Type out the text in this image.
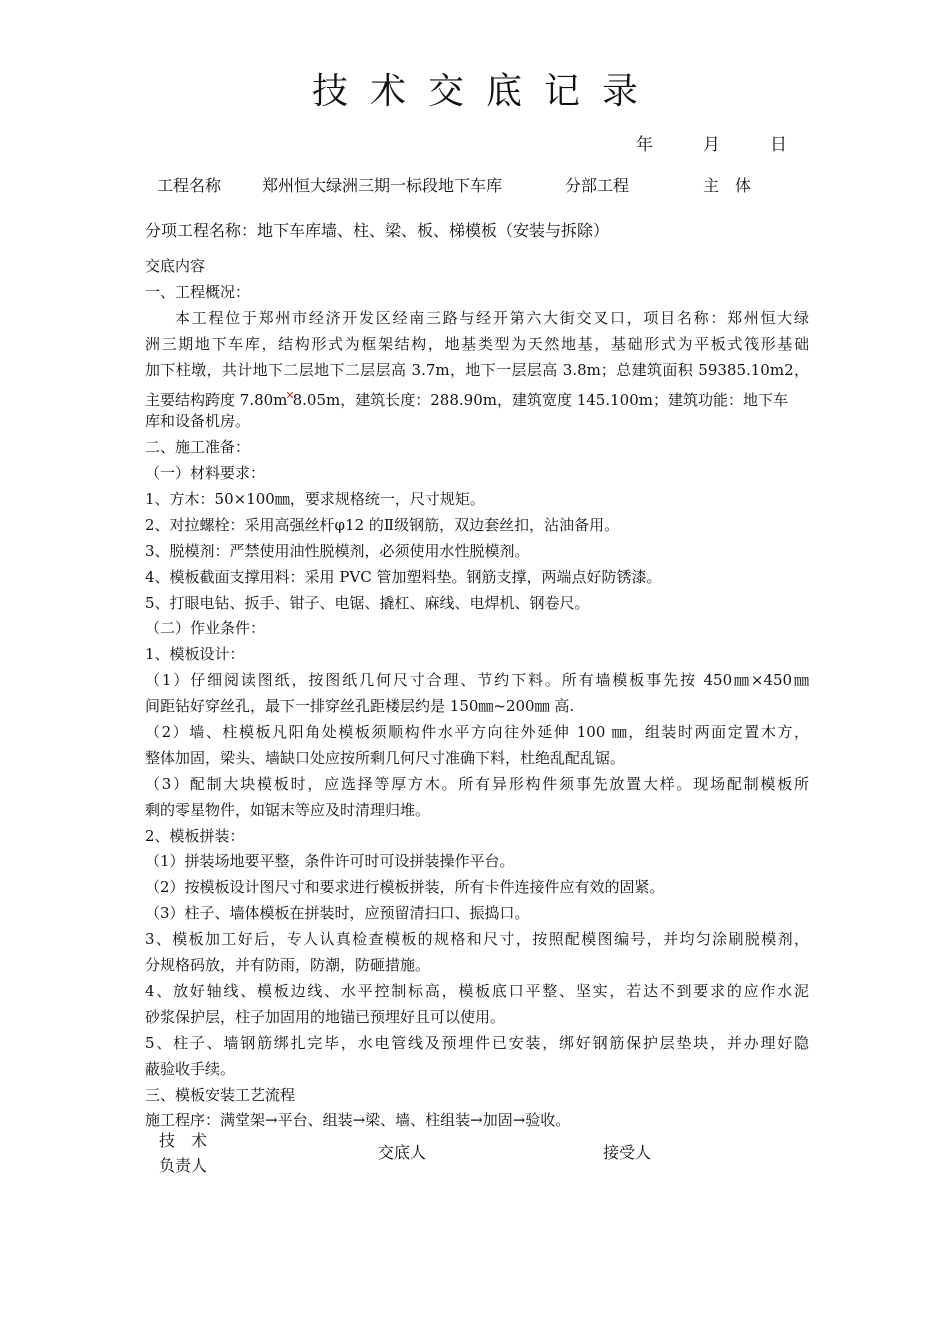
技术交底记录
年	月	日
工程名称	郑州恒大绿洲三期一标段地下车库	分部工程	主　体
分项工程名称：地下车库墙、柱、梁、板、梯模板（安装与拆除）
交底内容
一、工程概况：
本工程位于郑州市经济开发区经南三路与经开第六大街交叉口，项目名称：郑州恒大绿
洲三期地下车库，结构形式为框架结构，地基类型为天然地基，基础形式为平板式筏形基础
加下柱墩，共计地下二层地下二层层高 3.7m，地下一层层高 3.8m；总建筑面积 59385.10m2，
主要结构跨度 7.80m✕8.05m，建筑长度：288.90m，建筑宽度 145.100m；建筑功能：地下车
库和设备机房。
二、施工准备：
（一）材料要求：
1、方木：50×100㎜，要求规格统一，尺寸规矩。
2、对拉螺栓：采用高强丝杆φ12 的Ⅱ级钢筋，双边套丝扣，沾油备用。
3、脱模剂：严禁使用油性脱模剂，必须使用水性脱模剂。
4、模板截面支撑用料：采用 PVC 管加塑料垫。钢筋支撑，两端点好防锈漆。
5、打眼电钻、扳手、钳子、电锯、撬杠、麻线、电焊机、钢卷尺。
（二）作业条件：
1、模板设计：
（1）仔细阅读图纸，按图纸几何尺寸合理、节约下料。所有墙模板事先按 450㎜×450㎜
间距钻好穿丝孔，最下一排穿丝孔距楼层约是 150㎜~200㎜ 高.
（2）墙、柱模板凡阳角处模板须顺构件水平方向往外延伸 100 ㎜，组装时两面定置木方，
整体加固，梁头、墙缺口处应按所剩几何尺寸准确下料，杜绝乱配乱锯。
（3）配制大块模板时，应选择等厚方木。所有异形构件须事先放置大样。现场配制模板所
剩的零星物件，如锯末等应及时清理归堆。
2、模板拼装：
（1）拼装场地要平整，条件许可时可设拼装操作平台。
（2）按模板设计图尺寸和要求进行模板拼装，所有卡件连接件应有效的固紧。
（3）柱子、墙体模板在拼装时，应预留清扫口、振捣口。
3、模板加工好后，专人认真检查模板的规格和尺寸，按照配模图编号，并均匀涂刷脱模剂，
分规格码放，并有防雨，防潮，防砸措施。
4、放好轴线、模板边线、水平控制标高，模板底口平整、坚实，若达不到要求的应作水泥
砂浆保护层，柱子加固用的地锚已预埋好且可以使用。
5、柱子、墙钢筋绑扎完毕，水电管线及预埋件已安装，绑好钢筋保护层垫块，并办理好隐
蔽验收手续。
三、模板安装工艺流程
施工程序：满堂架→平台、组装→梁、墙、柱组装→加固→验收。
技　术
负责人
交底人	接受人
